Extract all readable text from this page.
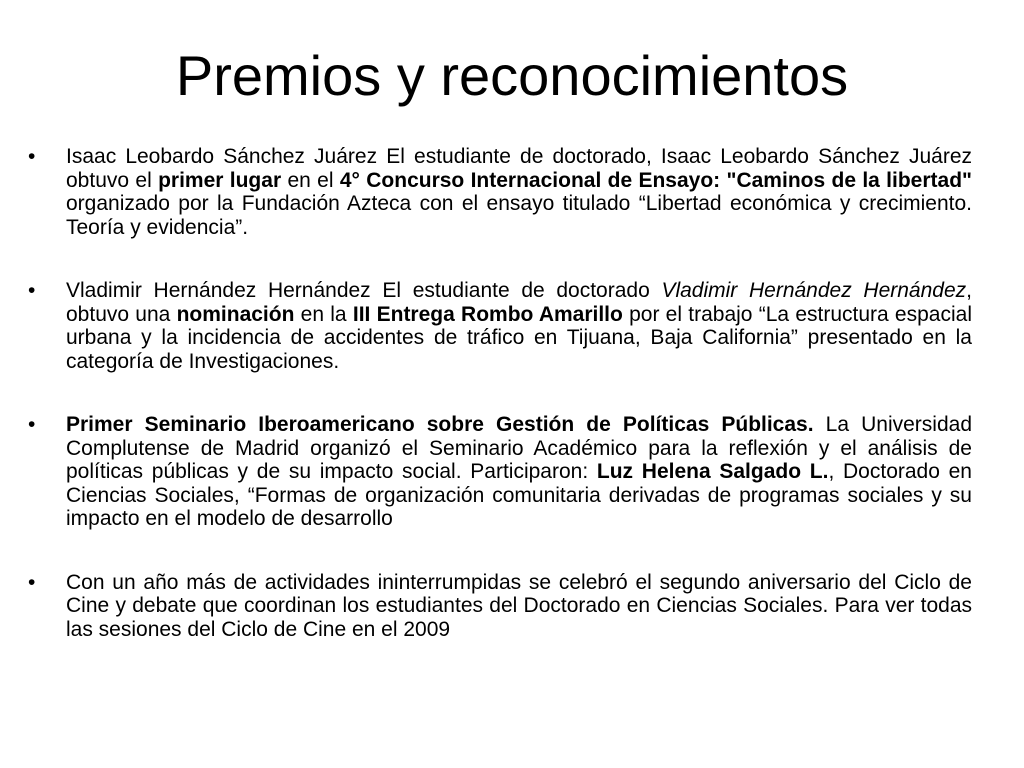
Premios y reconocimientos
•	Isaac Leobardo Sánchez Juárez El estudiante de doctorado, Isaac Leobardo Sánchez Juárez obtuvo el primer lugar en el 4° Concurso Internacional de Ensayo: "Caminos de la libertad" organizado por la Fundación Azteca con el ensayo titulado “Libertad económica y crecimiento. Teoría y evidencia”.
•	Vladimir Hernández Hernández El estudiante de doctorado Vladimir Hernández Hernández, obtuvo una nominación en la III Entrega Rombo Amarillo por el trabajo “La estructura espacial urbana y la incidencia de accidentes de tráfico en Tijuana, Baja California” presentado en la categoría de Investigaciones.
•	Primer Seminario Iberoamericano sobre Gestión de Políticas Públicas. La Universidad Complutense de Madrid organizó el Seminario Académico para la reflexión y el análisis de políticas públicas y de su impacto social. Participaron: Luz Helena Salgado L., Doctorado en Ciencias Sociales, “Formas de organización comunitaria derivadas de programas sociales y su impacto en el modelo de desarrollo
•	Con un año más de actividades ininterrumpidas se celebró el segundo aniversario del Ciclo de Cine y debate que coordinan los estudiantes del Doctorado en Ciencias Sociales. Para ver todas las sesiones del Ciclo de Cine en el 2009
